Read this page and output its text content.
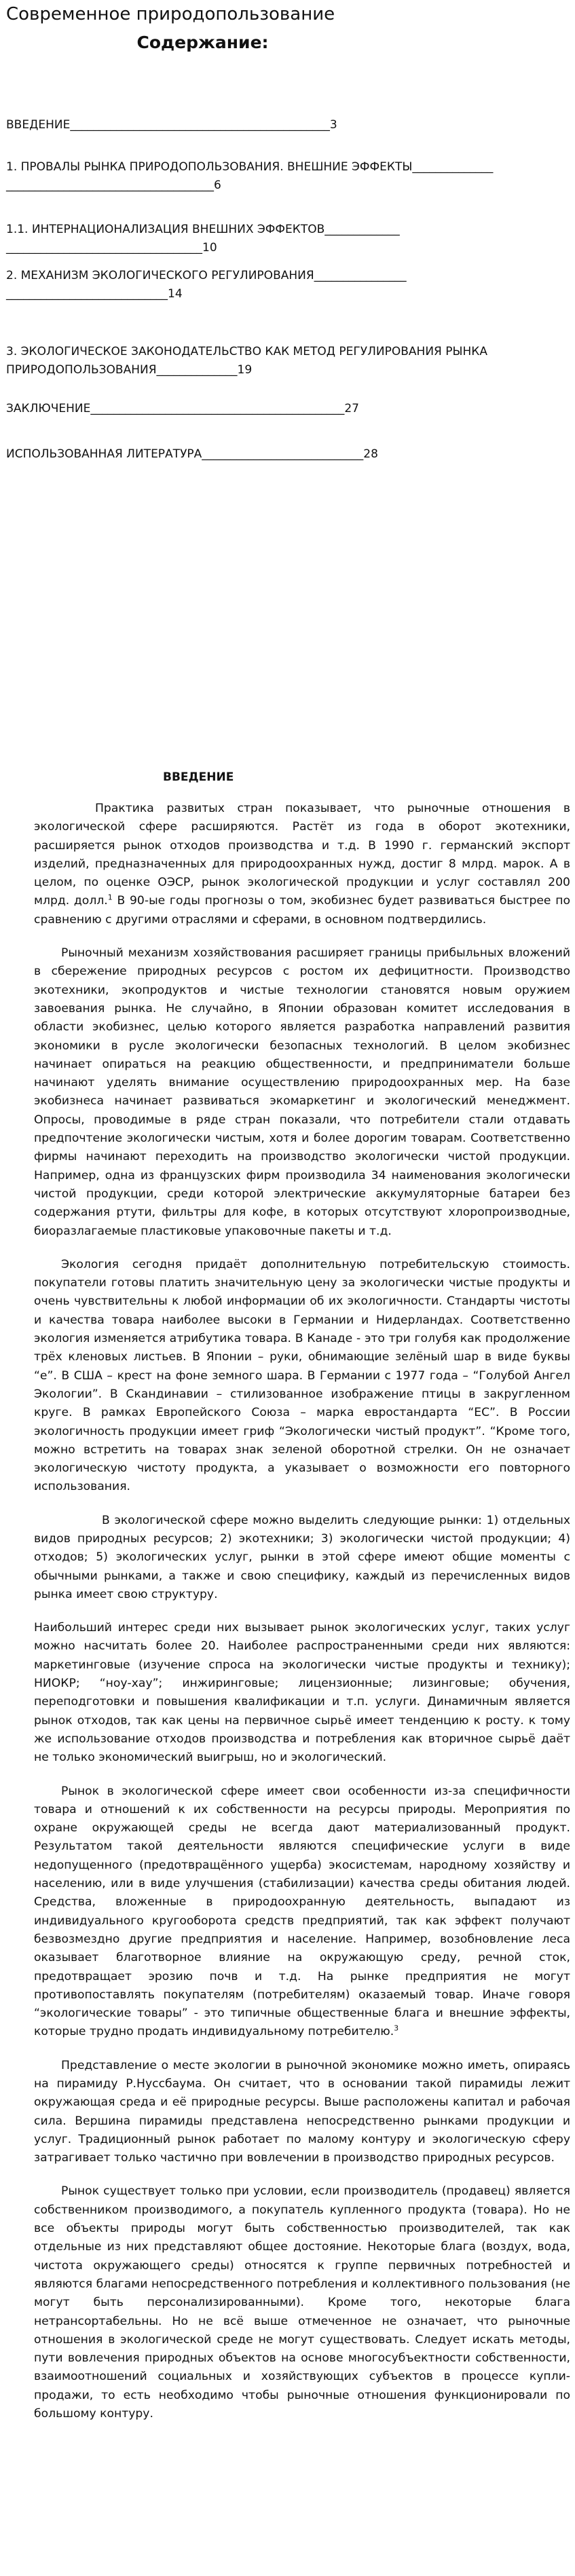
Современное природопользование
Содержание:
ВВЕДЕНИЕ_____________________________________________3
1. ПРОВАЛЫ РЫНКА ПРИРОДОПОЛЬЗОВАНИЯ. ВНЕШНИЕ ЭФФЕКТЫ______________ ____________________________________6
1.1. ИНТЕРНАЦИОНАЛИЗАЦИЯ ВНЕШНИХ ЭФФЕКТОВ_____________ __________________________________10
2. МЕХАНИЗМ ЭКОЛОГИЧЕСКОГО РЕГУЛИРОВАНИЯ________________ ____________________________14
3. ЭКОЛОГИЧЕСКОЕ ЗАКОНОДАТЕЛЬСТВО КАК МЕТОД РЕГУЛИРОВАНИЯ РЫНКА ПРИРОДОПОЛЬЗОВАНИЯ______________19
ЗАКЛЮЧЕНИЕ____________________________________________27
ИСПОЛЬЗОВАННАЯ ЛИТЕРАТУРА____________________________28
ВВЕДЕНИЕ

Практика развитых стран показывает, что рыночные отношения в экологической сфере расширяются. Растёт из года в оборот экотехники, расширяется рынок отходов производства и т.д. В 1990 г. германский экспорт изделий, предназначенных для природоохранных нужд, достиг 8 млрд. марок. А в целом, по оценке ОЭСР, рынок экологической продукции и услуг составлял 200 млрд. долл.$^1$ В 90-ые годы прогнозы о том, экобизнес будет развиваться быстрее по сравнению с другими отраслями и сферами, в основном подтвердились.

Рыночный механизм хозяйствования расширяет границы прибыльных вложений в сбережение природных ресурсов с ростом их дефицитности. Производство экотехники, экопродуктов и чистые технологии становятся новым оружием завоевания рынка. Не случайно, в Японии образован комитет исследования в области экобизнес, целью которого является разработка направлений развития экономики в русле экологически безопасных технологий. В целом экобизнес начинает опираться на реакцию общественности, и предприниматели больше начинают уделять внимание осуществлению природоохранных мер. На базе экобизнеса начинает развиваться экомаркетинг и экологический менеджмент. Опросы, проводимые в ряде стран показали, что потребители стали отдавать предпочтение экологически чистым, хотя и более дорогим товарам. Соответственно фирмы начинают переходить на производство экологически чистой продукции. Например, одна из французских фирм производила 34 наименования экологически чистой продукции, среди которой электрические аккумуляторные батареи без содержания ртути, фильтры для кофе, в которых отсутствуют хлоропроизводные, биоразлагаемые пластиковые упаковочные пакеты и т.д.

Экология сегодня придаёт дополнительную потребительскую стоимость. покупатели готовы платить значительную цену за экологически чистые продукты и очень чувствительны к любой информации об их экологичности. Стандарты чистоты и качества товара наиболее высоки в Германии и Нидерландах. Соответственно экология изменяется атрибутика товара. В Канаде - это три голубя как продолжение трёх кленовых листьев. В Японии – руки, обнимающие зелёный шар в виде буквы “е”. В США – крест на фоне земного шара. В Германии с 1977 года – “Голубой Ангел Экологии”. В Скандинавии – стилизованное изображение птицы в закругленном круге. В рамках Европейского Союза – марка евростандарта “ЕС”. В России экологичность продукции имеет гриф “Экологически чистый продукт”. “Кроме того, можно встретить на товарах знак зеленой оборотной стрелки. Он не означает экологическую чистоту продукта, а указывает о возможности его повторного использования.

В экологической сфере можно выделить следующие рынки: 1) отдельных видов природных ресурсов; 2) экотехники; 3) экологически чистой продукции; 4) отходов; 5) экологических услуг, рынки в этой сфере имеют общие моменты с обычными рынками, а также и свою специфику, каждый из перечисленных видов рынка имеет свою структуру.

Наибольший интерес среди них вызывает рынок экологических услуг, таких услуг можно насчитать более 20. Наиболее распространенными среди них являются: маркетинговые (изучение спроса на экологически чистые продукты и технику); НИОКР; “ноу-хау”; инжиринговые; лицензионные; лизинговые; обучения, переподготовки и повышения квалификации и т.п. услуги. Динамичным является рынок отходов, так как цены на первичное сырьё имеет тенденцию к росту. к тому же использование отходов производства и потребления как вторичное сырьё даёт не только экономический выигрыш, но и экологический.

Рынок в экологической сфере имеет свои особенности из-за специфичности товара и отношений к их собственности на ресурсы природы. Мероприятия по охране окружающей среды не всегда дают материализованный продукт. Результатом такой деятельности являются специфические услуги в виде недопущенного (предотвращённого ущерба) экосистемам, народному хозяйству и населению, или в виде улучшения (стабилизации) качества среды обитания людей. Средства, вложенные в природоохранную деятельность, выпадают из индивидуального кругооборота средств предприятий, так как эффект получают безвозмездно другие предприятия и население. Например, возобновление леса оказывает благотворное влияние на окружающую среду, речной сток, предотвращает эрозию почв и т.д. На рынке предприятия не могут противопоставлять покупателям (потребителям) оказаемый товар. Иначе говоря “экологические товары” - это типичные общественные блага и внешние эффекты, которые трудно продать индивидуальному потребителю.$^3$

Представление о месте экологии в рыночной экономике можно иметь, опираясь на пирамиду Р.Нуссбаума. Он считает, что в основании такой пирамиды лежит окружающая среда и её природные ресурсы. Выше расположены капитал и рабочая сила. Вершина пирамиды представлена непосредственно рынками продукции и услуг. Традиционный рынок работает по малому контуру и экологическую сферу затрагивает только частично при вовлечении в производство природных ресурсов.

Рынок существует только при условии, если производитель (продавец) является собственником производимого, а покупатель купленного продукта (товара). Но не все объекты природы могут быть собственностью производителей, так как отдельные из них представляют общее достояние. Некоторые блага (воздух, вода, чистота окружающего среды) относятся к группе первичных потребностей и являются благами непосредственного потребления и коллективного пользования (не могут быть персонализированными). Кроме того, некоторые блага нетрансортабельны. Но не всё выше отмеченное не означает, что рыночные отношения в экологической среде не могут существовать. Следует искать методы, пути вовлечения природных объектов на основе многосубъектности собственности, взаимоотношений социальных и хозяйствующих субъектов в процессе купли-продажи, то есть необходимо чтобы рыночные отношения функционировали по большому контуру.
